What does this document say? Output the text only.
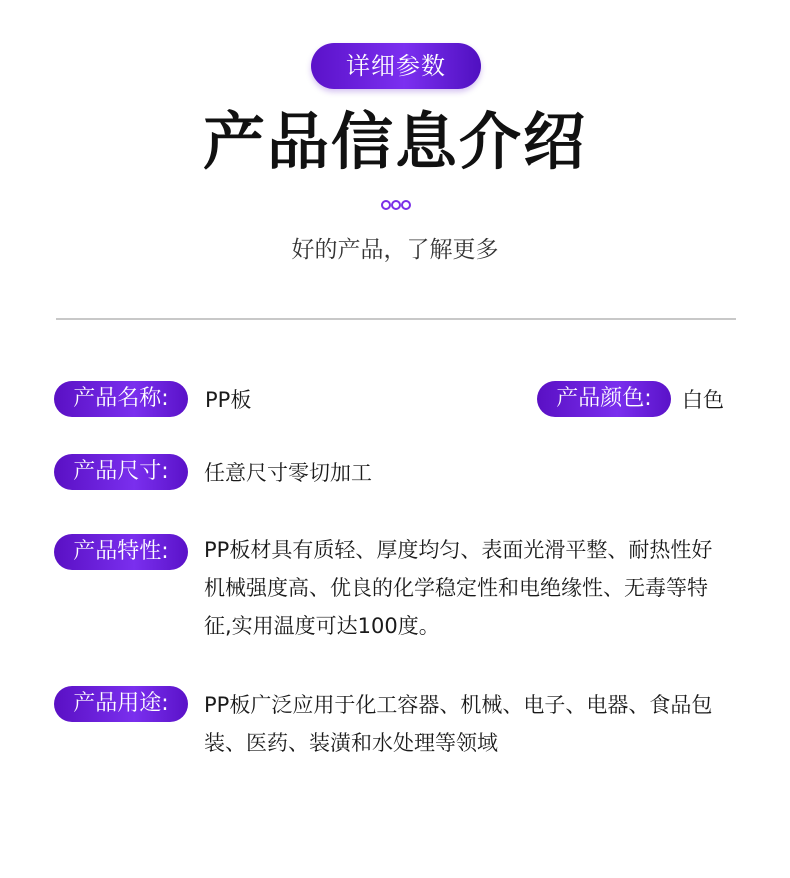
详细参数
产品信息介绍
好的产品，了解更多
产品名称:	PP板	产品颜色:	白色
产品尺寸:	任意尺寸零切加工
产品特性:	PP板材具有质轻、厚度均匀、表面光滑平整、耐热性好
机械强度高、优良的化学稳定性和电绝缘性、无毒等特
征,实用温度可达100度。
产品用途:	PP板广泛应用于化工容器、机械、电子、电器、食品包
装、医药、装潢和水处理等领域
